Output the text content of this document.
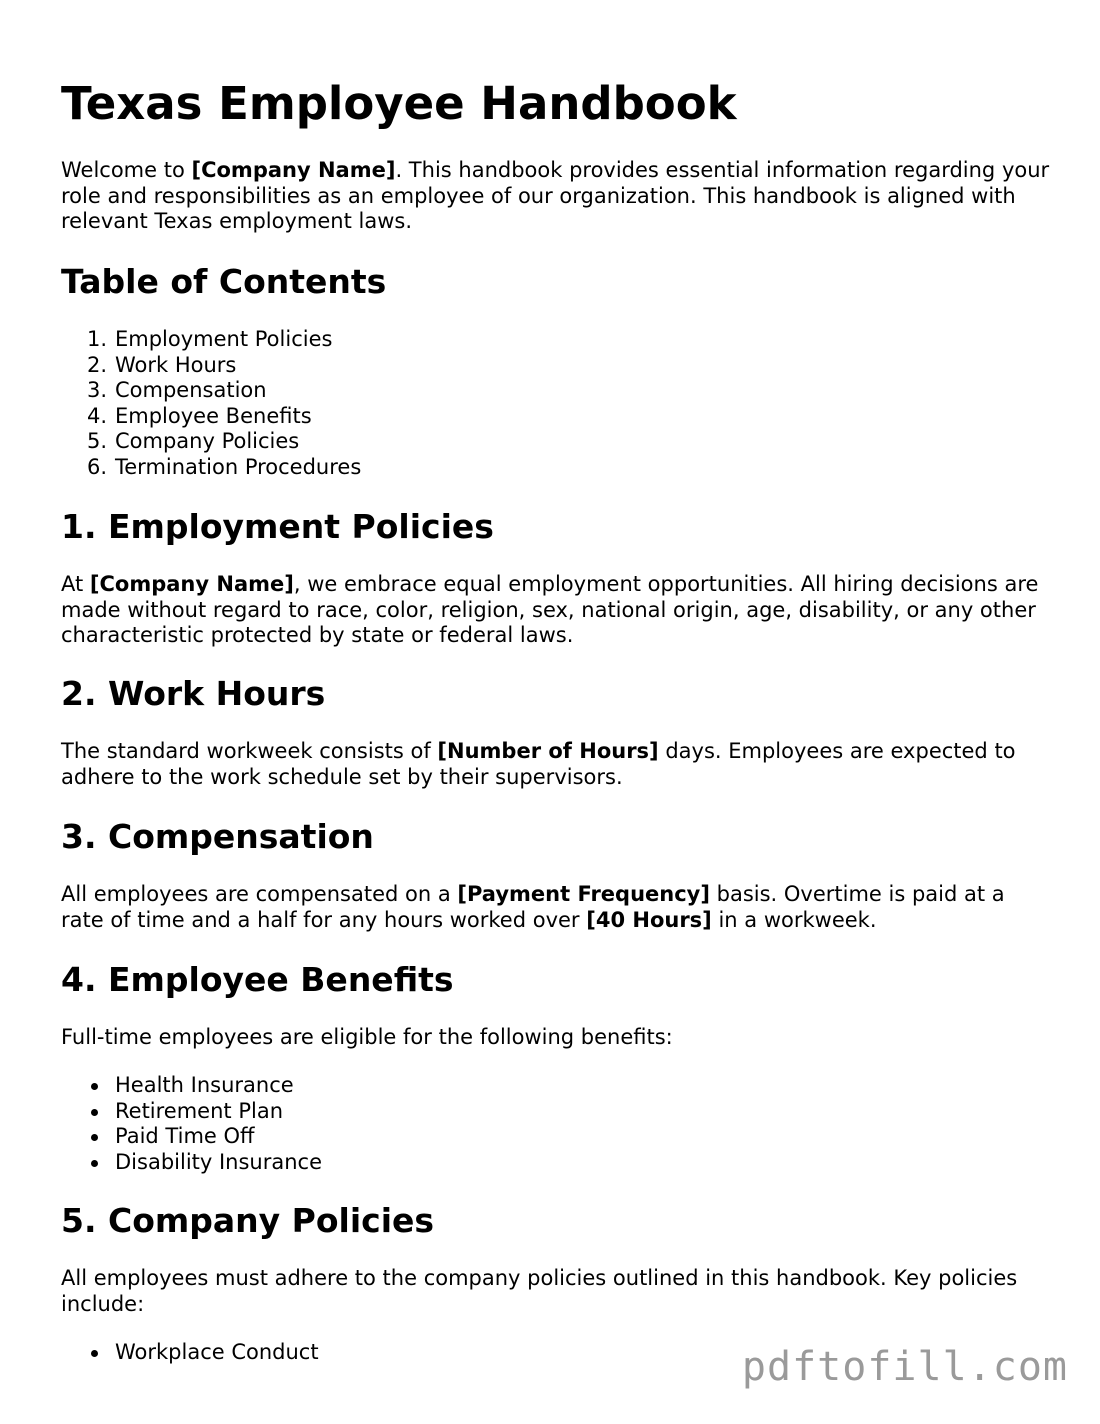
Texas Employee Handbook

Welcome to [Company Name]. This handbook provides essential information regarding your role and responsibilities as an employee of our organization. This handbook is aligned with relevant Texas employment laws.

Table of Contents
1. Employment Policies
2. Work Hours
3. Compensation
4. Employee Benefits
5. Company Policies
6. Termination Procedures
1. Employment Policies

At [Company Name], we embrace equal employment opportunities. All hiring decisions are made without regard to race, color, religion, sex, national origin, age, disability, or any other characteristic protected by state or federal laws.

2. Work Hours

The standard workweek consists of [Number of Hours] days. Employees are expected to adhere to the work schedule set by their supervisors.

3. Compensation

All employees are compensated on a [Payment Frequency] basis. Overtime is paid at a rate of time and a half for any hours worked over [40 Hours] in a workweek.

4. Employee Benefits

Full-time employees are eligible for the following benefits:

Health Insurance
Retirement Plan
Paid Time Off
Disability Insurance
5. Company Policies

All employees must adhere to the company policies outlined in this handbook. Key policies include:

Workplace Conduct	pdftofill.com
